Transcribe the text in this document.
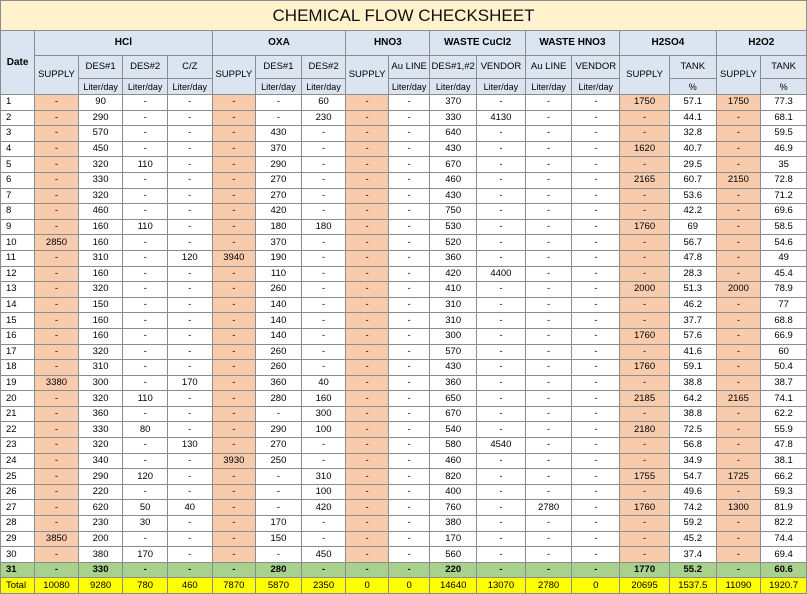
CHEMICAL FLOW CHECKSHEET																	
Date	HCl				OXA			HNO3		WASTE CuCl2		WASTE HNO3		H2SO4		H2O2	
	SUPPLY	DES#1	DES#2	C/Z	SUPPLY	DES#1	DES#2	SUPPLY	Au LINE	DES#1,#2	VENDOR	Au LINE	VENDOR	SUPPLY	TANK	SUPPLY	TANK
		Liter/day	Liter/day	Liter/day		Liter/day	Liter/day		Liter/day	Liter/day	Liter/day	Liter/day	Liter/day		%		%
1	-	90	-	-	-	-	60	-	-	370	-	-	-	1750	57.1	1750	77.3
2	-	290	-	-	-	-	230	-	-	330	4130	-	-	-	44.1	-	68.1
3	-	570	-	-	-	430	-	-	-	640	-	-	-	-	32.8	-	59.5
4	-	450	-	-	-	370	-	-	-	430	-	-	-	1620	40.7	-	46.9
5	-	320	110	-	-	290	-	-	-	670	-	-	-	-	29.5	-	35
6	-	330	-	-	-	270	-	-	-	460	-	-	-	2165	60.7	2150	72.8
7	-	320	-	-	-	270	-	-	-	430	-	-	-	-	53.6	-	71.2
8	-	460	-	-	-	420	-	-	-	750	-	-	-	-	42.2	-	69.6
9	-	160	110	-	-	180	180	-	-	530	-	-	-	1760	69	-	58.5
10	2850	160	-	-	-	370	-	-	-	520	-	-	-	-	56.7	-	54.6
11	-	310	-	120	3940	190	-	-	-	360	-	-	-	-	47.8	-	49
12	-	160	-	-	-	110	-	-	-	420	4400	-	-	-	28.3	-	45.4
13	-	320	-	-	-	260	-	-	-	410	-	-	-	2000	51.3	2000	78.9
14	-	150	-	-	-	140	-	-	-	310	-	-	-	-	46.2	-	77
15	-	160	-	-	-	140	-	-	-	310	-	-	-	-	37.7	-	68.8
16	-	160	-	-	-	140	-	-	-	300	-	-	-	1760	57.6	-	66.9
17	-	320	-	-	-	260	-	-	-	570	-	-	-	-	41.6	-	60
18	-	310	-	-	-	260	-	-	-	430	-	-	-	1760	59.1	-	50.4
19	3380	300	-	170	-	360	40	-	-	360	-	-	-	-	38.8	-	38.7
20	-	320	110	-	-	280	160	-	-	650	-	-	-	2185	64.2	2165	74.1
21	-	360	-	-	-	-	300	-	-	670	-	-	-	-	38.8	-	62.2
22	-	330	80	-	-	290	100	-	-	540	-	-	-	2180	72.5	-	55.9
23	-	320	-	130	-	270	-	-	-	580	4540	-	-	-	56.8	-	47.8
24	-	340	-	-	3930	250	-	-	-	460	-	-	-	-	34.9	-	38.1
25	-	290	120	-	-	-	310	-	-	820	-	-	-	1755	54.7	1725	66.2
26	-	220	-	-	-	-	100	-	-	400	-	-	-	-	49.6	-	59.3
27	-	620	50	40	-	-	420	-	-	760	-	2780	-	1760	74.2	1300	81.9
28	-	230	30	-	-	170	-	-	-	380	-	-	-	-	59.2	-	82.2
29	3850	200	-	-	-	150	-	-	-	170	-	-	-	-	45.2	-	74.4
30	-	380	170	-	-	-	450	-	-	560	-	-	-	-	37.4	-	69.4
31	-	330	-	-	-	280	-	-	-	220	-	-	-	1770	55.2	-	60.6
Total	10080	9280	780	460	7870	5870	2350	0	0	14640	13070	2780	0	20695	1537.5	11090	1920.7
